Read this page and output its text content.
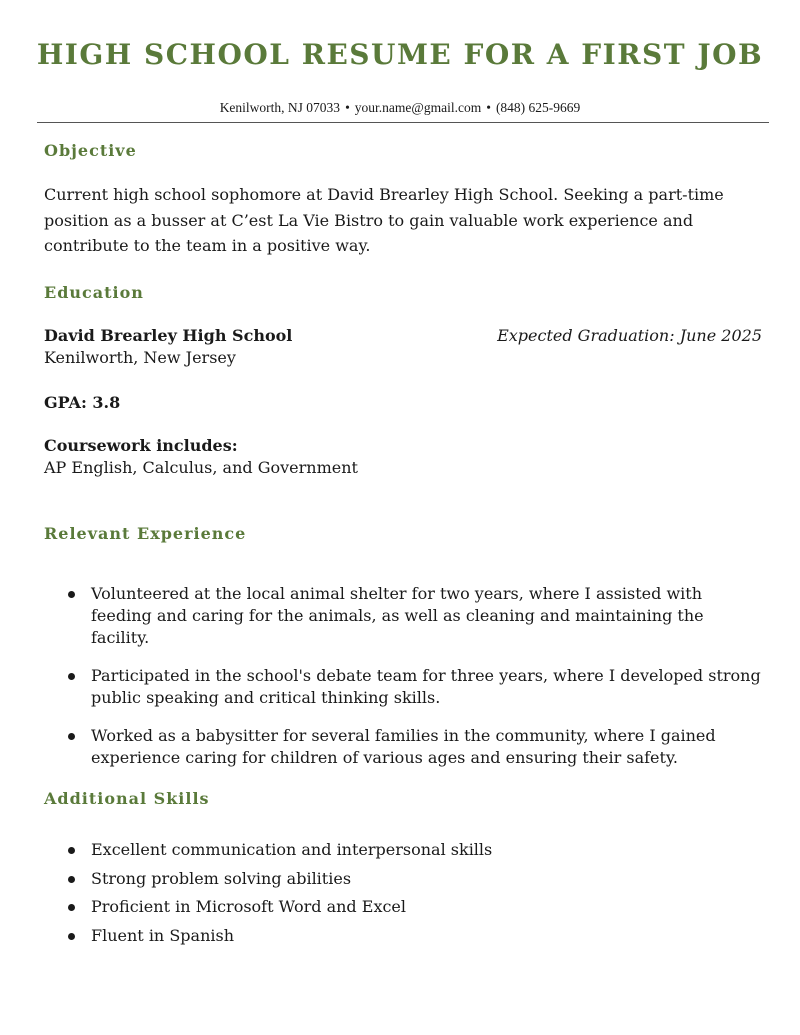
HIGH SCHOOL RESUME FOR A FIRST JOB
Kenilworth, NJ 07033 • your.name@gmail.com • (848) 625-9669
Objective
Current high school sophomore at David Brearley High School. Seeking a part-time position as a busser at C’est La Vie Bistro to gain valuable work experience and contribute to the team in a positive way.
Education
David Brearley High School	Expected Graduation: June 2025
Kenilworth, New Jersey
GPA: 3.8
Coursework includes:
AP English, Calculus, and Government
Relevant Experience
Volunteered at the local animal shelter for two years, where I assisted with feeding and caring for the animals, as well as cleaning and maintaining the facility.
Participated in the school's debate team for three years, where I developed strong public speaking and critical thinking skills.
Worked as a babysitter for several families in the community, where I gained experience caring for children of various ages and ensuring their safety.
Additional Skills
Excellent communication and interpersonal skills
Strong problem solving abilities
Proficient in Microsoft Word and Excel
Fluent in Spanish
